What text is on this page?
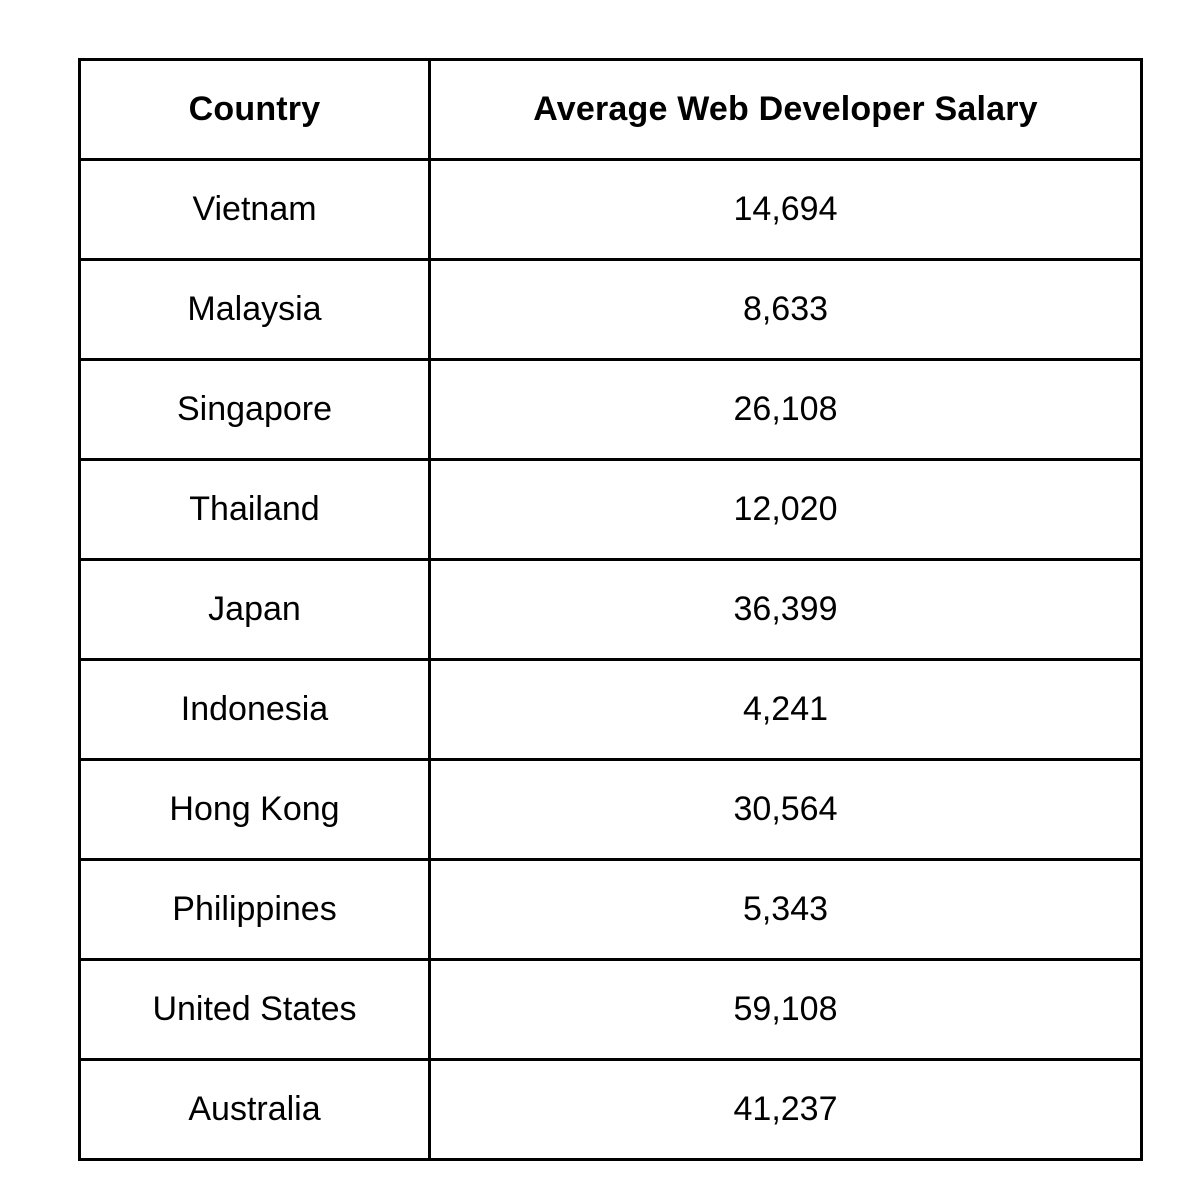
Country	Average Web Developer Salary

Vietnam	14,694

Malaysia	8,633

Singapore	26,108

Thailand	12,020

Japan	36,399

Indonesia	4,241

Hong Kong	30,564

Philippines	5,343

United States	59,108

Australia	41,237
